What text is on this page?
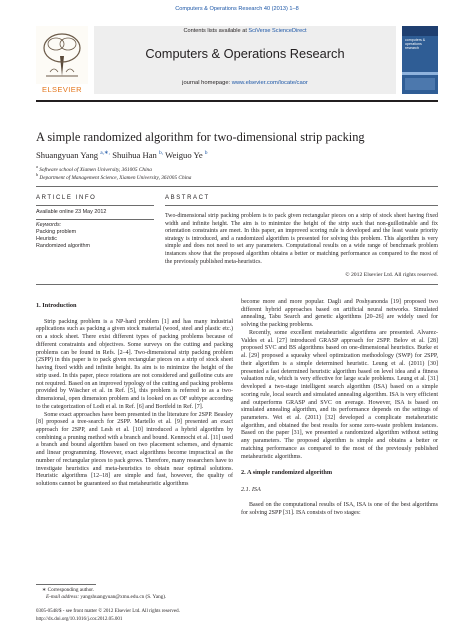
Computers & Operations Research 40 (2013) 1–8
ELSEVIER
Contents lists available at SciVerse ScienceDirect
Computers & Operations Research
journal homepage: www.elsevier.com/locate/caor
computers & operations research
A simple randomized algorithm for two-dimensional strip packing
Shuangyuan Yang $^{a,∗,}$ Shuihua Han $^{b,}$ Weiguo Ye $^b$
$^a$ Software school of Xiamen University, 361005 China
$^b$ Department of Management Science, Xiamen University, 361005 China
ARTICLE INFO	ABSTRACT
Available online 23 May 2012
Keywords:
Packing problem
Heuristic
Randomized algorithm
Two-dimensional strip packing problem is to pack given rectangular pieces on a strip of stock sheet having fixed width and infinite height. The aim is to minimize the height of the strip such that non-guillotinable and fix orientation constraints are meet. In this paper, an improved scoring rule is developed and the least waste priority strategy is introduced, and a randomized algorithm is presented for solving this problem. This algorithm is very simple and does not need to set any parameters. Computational results on a wide range of benchmark problem instances show that the proposed algorithm obtains a better or matching performance as compared to the most of the previously published meta-heuristics.
© 2012 Elsevier Ltd. All rights reserved.
1. Introduction

Strip packing problem is a NP-hard problem [1] and has many industrial applications such as packing a given stock material (wood, steel and plastic etc.) on a stock sheet. There exist different types of packing problems because of different constraints and objectives. Some surveys on the cutting and packing problems can be found in Refs. [2–4]. Two-dimensional strip packing problem (2SPP) in this paper is to pack given rectangular pieces on a strip of stock sheet having fixed width and infinite height. Its aim is to minimize the height of the strip used. In this paper, piece rotations are not considered and guillotine cuts are not required. Based on an improved typology of the cutting and packing problems provided by Wäscher et al. in Ref. [5], this problem is referred to as a two-dimensional, open dimension problem and is looked on as OF subtype according to the categorization of Lodi et al. in Ref. [6] and Bortfeld in Ref. [7].

Some exact approaches have been presented in the literature for 2SPP. Beasley [8] proposed a tree-search for 2SPP. Martello et al. [9] presented an exact approach for 2SPP, and Lesh et al. [10] introduced a hybrid algorithm by combining a pruning method with a branch and bound. Kenmochi et al. [11] used a branch and bound algorithm based on two placement schemes, and dynamic and linear programming. However, exact algorithms become impractical as the number of rectangular pieces to pack grows. Therefore, many researchers have to investigate heuristics and meta-heuristics to obtain near optimal solutions. Heuristic algorithms [12–18] are simple and fast, however, the quality of solutions cannot be guaranteed so that metaheuristic algorithms

become more and more popular. Dagli and Poshyanonda [19] proposed two different hybrid approaches based on artificial neural networks. Simulated annealing, Tabu Search and genetic algorithms [20–26] are widely used for solving the packing problems.

Recently, some excellent metaheuristic algorithms are presented. Alvarez-Valdes et al. [27] introduced GRASP approach for 2SPP. Belov et al. [28] proposed SVC and BS algorithms based on one-dimensional heuristics. Burke et al. [29] proposed a squeaky wheel optimization methodology (SWP) for 2SPP, their algorithm is a simple determined heuristic. Leung et al. (2011) [30] presented a fast determined heuristic algorithm based on level idea and a fitness valuation rule, which is very effective for large scale problems. Leung et al. [31] developed a two-stage intelligent search algorithm (ISA) based on a simple scoring rule, local search and simulated annealing algorithm. ISA is very efficient and outperforms GRASP and SVC on average. However, ISA is based on simulated annealing algorithm, and its performance depends on the settings of parameters. Wei et al. (2011) [32] developed a complicate metaheuristic algorithm, and obtained the best results for some zero-waste problem instances. Based on the paper [31], we presented a randomized algorithm without setting any parameters. The proposed algorithm is simple and obtains a better or matching performance as compared to the most of the previously published metaheuristic algorithms.

2. A simple randomized algorithm
2.1. ISA

Based on the computational results of ISA, ISA is one of the best algorithms for solving 2SPP [31]. ISA consists of two stages:

∗ Corresponding author.
E-mail address: yangshuangyuan@xmu.edu.cn (S. Yang).
0305-0548/$ - see front matter © 2012 Elsevier Ltd. All rights reserved.
http://dx.doi.org/10.1016/j.cor.2012.05.001
